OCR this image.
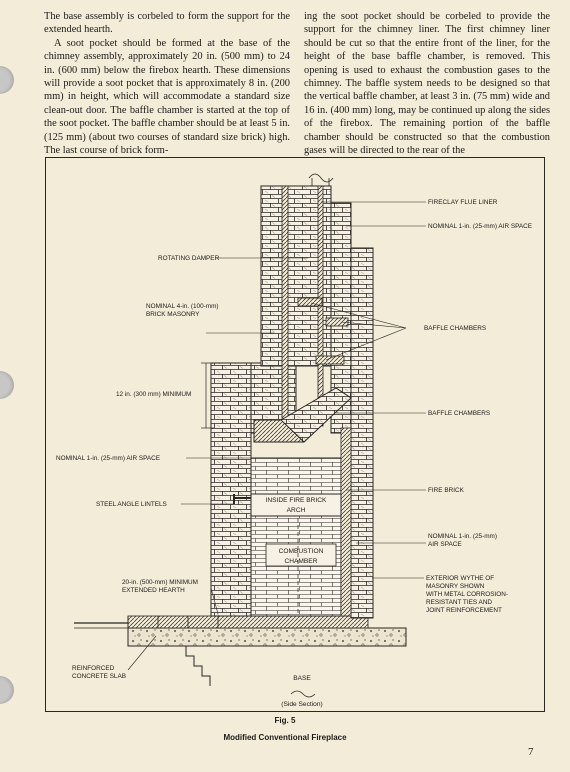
The base assembly is corbeled to form the support for the extended hearth.

A soot pocket should be formed at the base of the chimney assembly, approximately 20 in. (500 mm) to 24 in. (600 mm) below the firebox hearth. These dimensions will provide a soot pocket that is approximately 8 in. (200 mm) in height, which will accommodate a standard size clean-out door. The baffle chamber is started at the top of the soot pocket. The baffle chamber should be at least 5 in. (125 mm) (about two courses of standard size brick) high. The last course of brick form-

ing the soot pocket should be corbeled to provide the support for the chimney liner. The first chimney liner should be cut so that the entire front of the liner, for the height of the base baffle chamber, is removed. This opening is used to exhaust the combustion gases to the chimney. The baffle system needs to be designed so that the vertical baffle chamber, at least 3 in. (75 mm) wide and 16 in. (400 mm) long, may be continued up along the sides of the firebox. The remaining portion of the baffle chamber should be constructed so that the combustion gases will be directed to the rear of the

FIRECLAY FLUE LINER
NOMINAL 1-in. (25-mm) AIR SPACE
ROTATING DAMPER
NOMINAL 4-in. (100-mm)
BRICK MASONRY
BAFFLE CHAMBERS
12 in. (300 mm) MINIMUM
BAFFLE CHAMBERS
NOMINAL 1-in. (25-mm) AIR SPACE
FIRE BRICK
STEEL ANGLE LINTELS
INSIDE FIRE BRICK
ARCH
NOMINAL 1-in. (25-mm)
AIR SPACE
COMBUSTION
CHAMBER
20-in. (500-mm) MINIMUM
EXTENDED HEARTH
EXTERIOR WYTHE OF
MASONRY SHOWN
WITH METAL CORROSION-
RESISTANT TIES AND
JOINT REINFORCEMENT
REINFORCED
CONCRETE SLAB	BASE
(Side Section)
Fig. 5
Modified Conventional Fireplace
7
